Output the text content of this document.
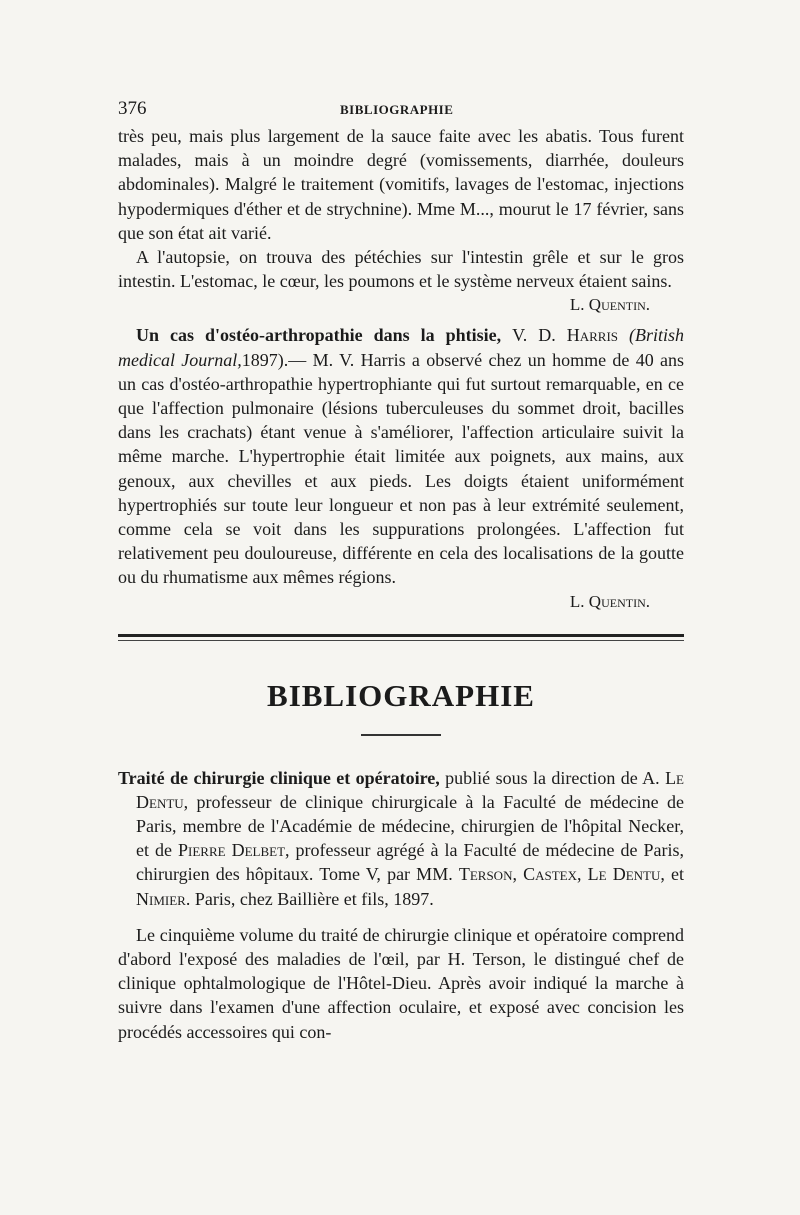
376	BIBLIOGRAPHIE

très peu, mais plus largement de la sauce faite avec les abatis. Tous furent malades, mais à un moindre degré (vomissements, diarrhée, douleurs abdominales). Malgré le traitement (vomitifs, lavages de l'estomac, injections hypodermiques d'éther et de strychnine). Mme M..., mourut le 17 février, sans que son état ait varié.

A l'autopsie, on trouva des pétéchies sur l'intestin grêle et sur le gros intestin. L'estomac, le cœur, les poumons et le système nerveux étaient sains.

L. Quentin.

Un cas d'ostéo-arthropathie dans la phtisie, V. D. Harris (British medical Journal,1897).— M. V. Harris a observé chez un homme de 40 ans un cas d'ostéo-arthropathie hypertrophiante qui fut surtout remarquable, en ce que l'affection pulmonaire (lésions tuberculeuses du sommet droit, bacilles dans les crachats) étant venue à s'améliorer, l'affection articulaire suivit la même marche. L'hypertrophie était limitée aux poignets, aux mains, aux genoux, aux chevilles et aux pieds. Les doigts étaient uniformément hypertrophiés sur toute leur longueur et non pas à leur extrémité seulement, comme cela se voit dans les suppurations prolongées. L'affection fut relativement peu douloureuse, différente en cela des localisations de la goutte ou du rhumatisme aux mêmes régions.

L. Quentin.

BIBLIOGRAPHIE

Traité de chirurgie clinique et opératoire, publié sous la direction de A. Le Dentu, professeur de clinique chirurgicale à la Faculté de médecine de Paris, membre de l'Académie de médecine, chirurgien de l'hôpital Necker, et de Pierre Delbet, professeur agrégé à la Faculté de médecine de Paris, chirurgien des hôpitaux. Tome V, par MM. Terson, Castex, Le Dentu, et Nimier. Paris, chez Baillière et fils, 1897.

Le cinquième volume du traité de chirurgie clinique et opératoire comprend d'abord l'exposé des maladies de l'œil, par H. Terson, le distingué chef de clinique ophtalmologique de l'Hôtel-Dieu. Après avoir indiqué la marche à suivre dans l'examen d'une affection oculaire, et exposé avec concision les procédés accessoires qui con-
